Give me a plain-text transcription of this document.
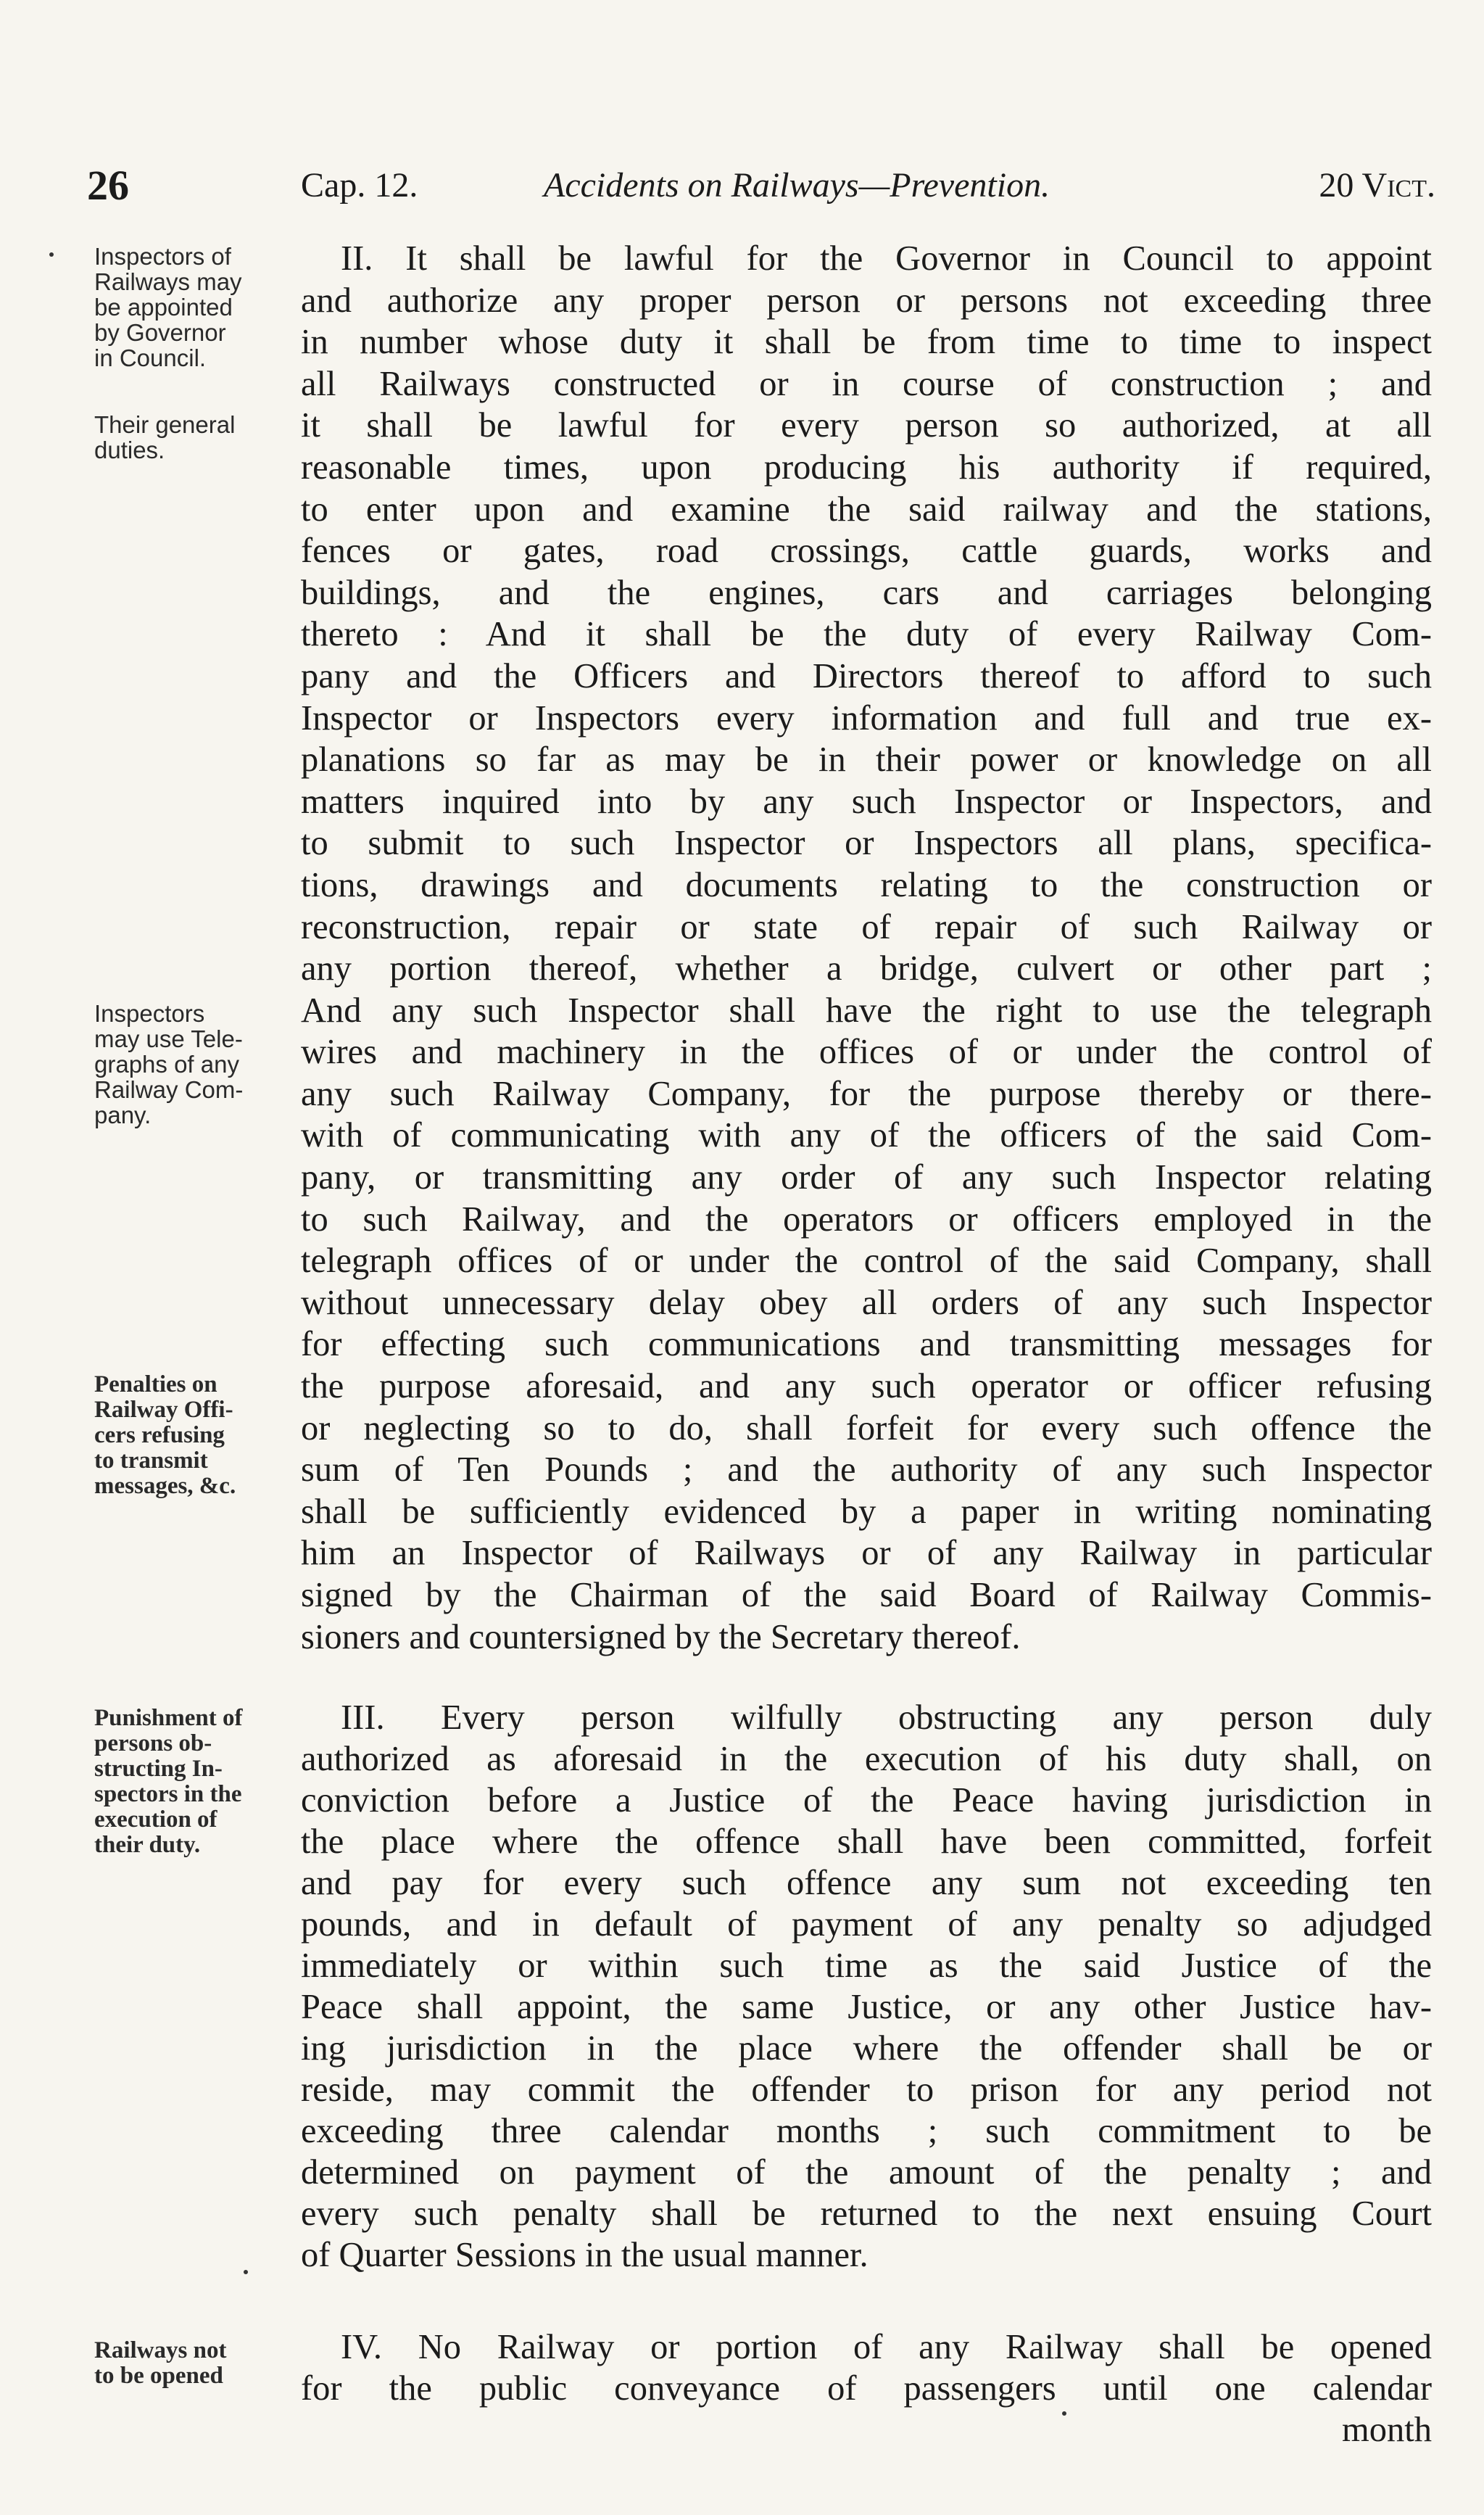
26	Cap. 12.	Accidents on Railways—Prevention.	20 Vict.
Inspectors of
Railways may
be appointed
by Governor
in Council.
Their general
duties.
Inspectors
may use Tele-
graphs of any
Railway Com-
pany.
Penalties on
Railway Offi-
cers refusing
to transmit
messages, &c.
II. It shall be lawful for the Governor in Council to appoint
and authorize any proper person or persons not exceeding three
in number whose duty it shall be from time to time to inspect
all Railways constructed or in course of construction ; and
it shall be lawful for every person so authorized, at all
reasonable times, upon producing his authority if required,
to enter upon and examine the said railway and the stations,
fences or gates, road crossings, cattle guards, works and
buildings, and the engines, cars and carriages belonging
thereto : And it shall be the duty of every Railway Com-
pany and the Officers and Directors thereof to afford to such
Inspector or Inspectors every information and full and true ex-
planations so far as may be in their power or knowledge on all
matters inquired into by any such Inspector or Inspectors, and
to submit to such Inspector or Inspectors all plans, specifica-
tions, drawings and documents relating to the construction or
reconstruction, repair or state of repair of such Railway or
any portion thereof, whether a bridge, culvert or other part ;
And any such Inspector shall have the right to use the telegraph
wires and machinery in the offices of or under the control of
any such Railway Company, for the purpose thereby or there-
with of communicating with any of the officers of the said Com-
pany, or transmitting any order of any such Inspector relating
to such Railway, and the operators or officers employed in the
telegraph offices of or under the control of the said Company, shall
without unnecessary delay obey all orders of any such Inspector
for effecting such communications and transmitting messages for
the purpose aforesaid, and any such operator or officer refusing
or neglecting so to do, shall forfeit for every such offence the
sum of Ten Pounds ; and the authority of any such Inspector
shall be sufficiently evidenced by a paper in writing nominating
him an Inspector of Railways or of any Railway in particular
signed by the Chairman of the said Board of Railway Commis-
sioners and countersigned by the Secretary thereof.
Punishment of
persons ob-
structing In-
spectors in the
execution of
their duty.
III. Every person wilfully obstructing any person duly
authorized as aforesaid in the execution of his duty shall, on
conviction before a Justice of the Peace having jurisdiction in
the place where the offence shall have been committed, forfeit
and pay for every such offence any sum not exceeding ten
pounds, and in default of payment of any penalty so adjudged
immediately or within such time as the said Justice of the
Peace shall appoint, the same Justice, or any other Justice hav-
ing jurisdiction in the place where the offender shall be or
reside, may commit the offender to prison for any period not
exceeding three calendar months ; such commitment to be
determined on payment of the amount of the penalty ; and
every such penalty shall be returned to the next ensuing Court
of Quarter Sessions in the usual manner.
Railways not
to be opened
IV. No Railway or portion of any Railway shall be opened
for the public conveyance of passengers until one calendar
month
